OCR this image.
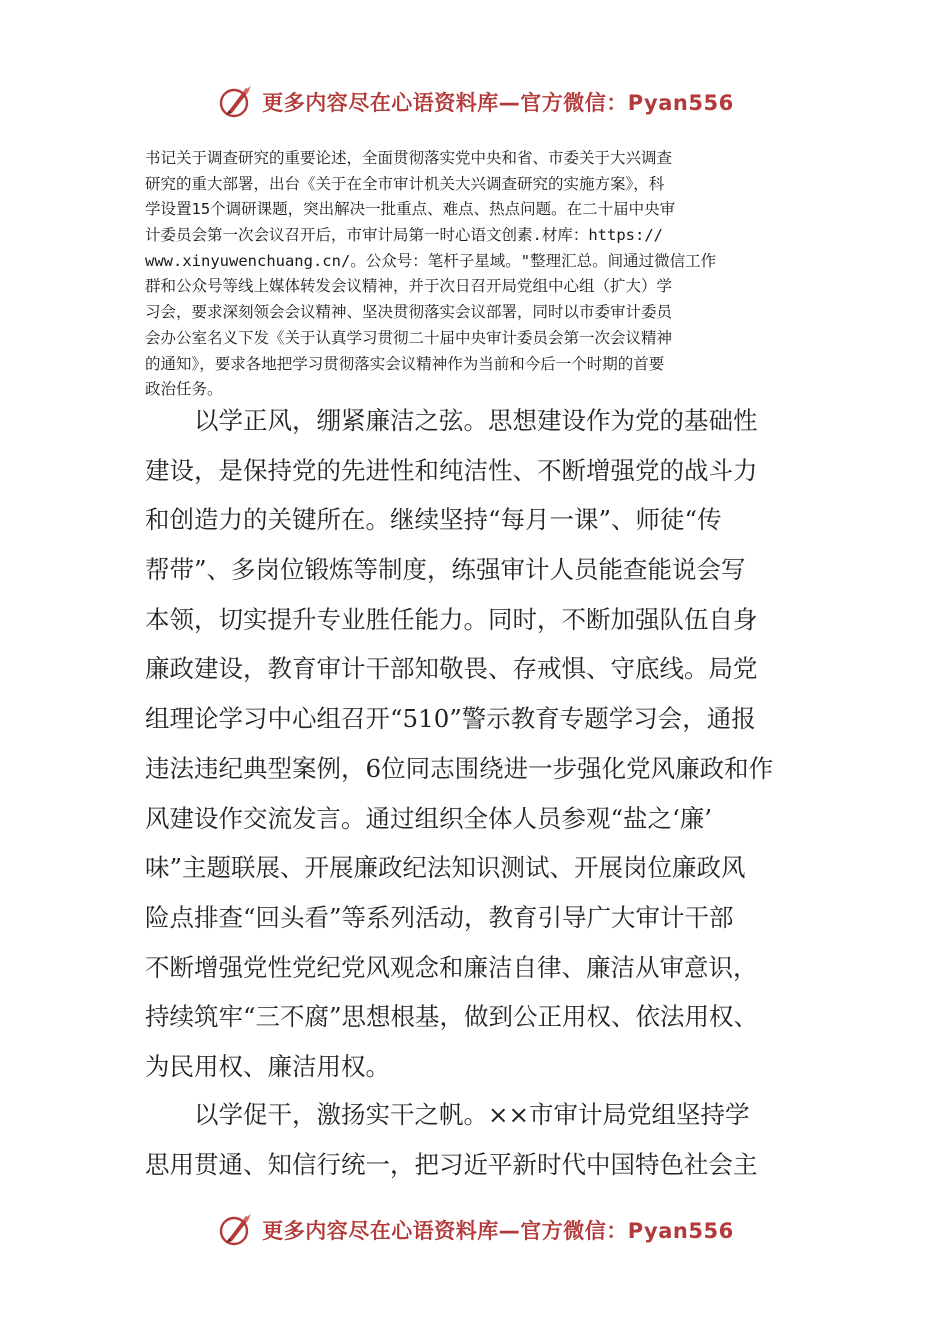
更多内容尽在心语资料库—官方微信：Pyan556
书记关于调查研究的重要论述，全面贯彻落实党中央和省、市委关于大兴调查
研究的重大部署，出台《关于在全市审计机关大兴调查研究的实施方案》，科
学设置15个调研课题，突出解决一批重点、难点、热点问题。在二十届中央审
计委员会第一次会议召开后，市审计局第一时心语文创素.材库：https://
www.xinyuwenchuang.cn/。公众号：笔杆子星域。"整理汇总。间通过微信工作
群和公众号等线上媒体转发会议精神，并于次日召开局党组中心组（扩大）学
习会，要求深刻领会会议精神、坚决贯彻落实会议部署，同时以市委审计委员
会办公室名义下发《关于认真学习贯彻二十届中央审计委员会第一次会议精神
的通知》，要求各地把学习贯彻落实会议精神作为当前和今后一个时期的首要
政治任务。
　　以学正风，绷紧廉洁之弦。思想建设作为党的基础性
建设，是保持党的先进性和纯洁性、不断增强党的战斗力
和创造力的关键所在。继续坚持“每月一课”、师徒“传
帮带”、多岗位锻炼等制度，练强审计人员能查能说会写
本领，切实提升专业胜任能力。同时，不断加强队伍自身
廉政建设，教育审计干部知敬畏、存戒惧、守底线。局党
组理论学习中心组召开“510”警示教育专题学习会，通报
违法违纪典型案例，6位同志围绕进一步强化党风廉政和作
风建设作交流发言。通过组织全体人员参观“盐之‘廉’
味”主题联展、开展廉政纪法知识测试、开展岗位廉政风
险点排查“回头看”等系列活动，教育引导广大审计干部
不断增强党性党纪党风观念和廉洁自律、廉洁从审意识，
持续筑牢“三不腐”思想根基，做到公正用权、依法用权、
为民用权、廉洁用权。
　　以学促干，激扬实干之帆。××市审计局党组坚持学
思用贯通、知信行统一，把习近平新时代中国特色社会主
更多内容尽在心语资料库—官方微信：Pyan556
